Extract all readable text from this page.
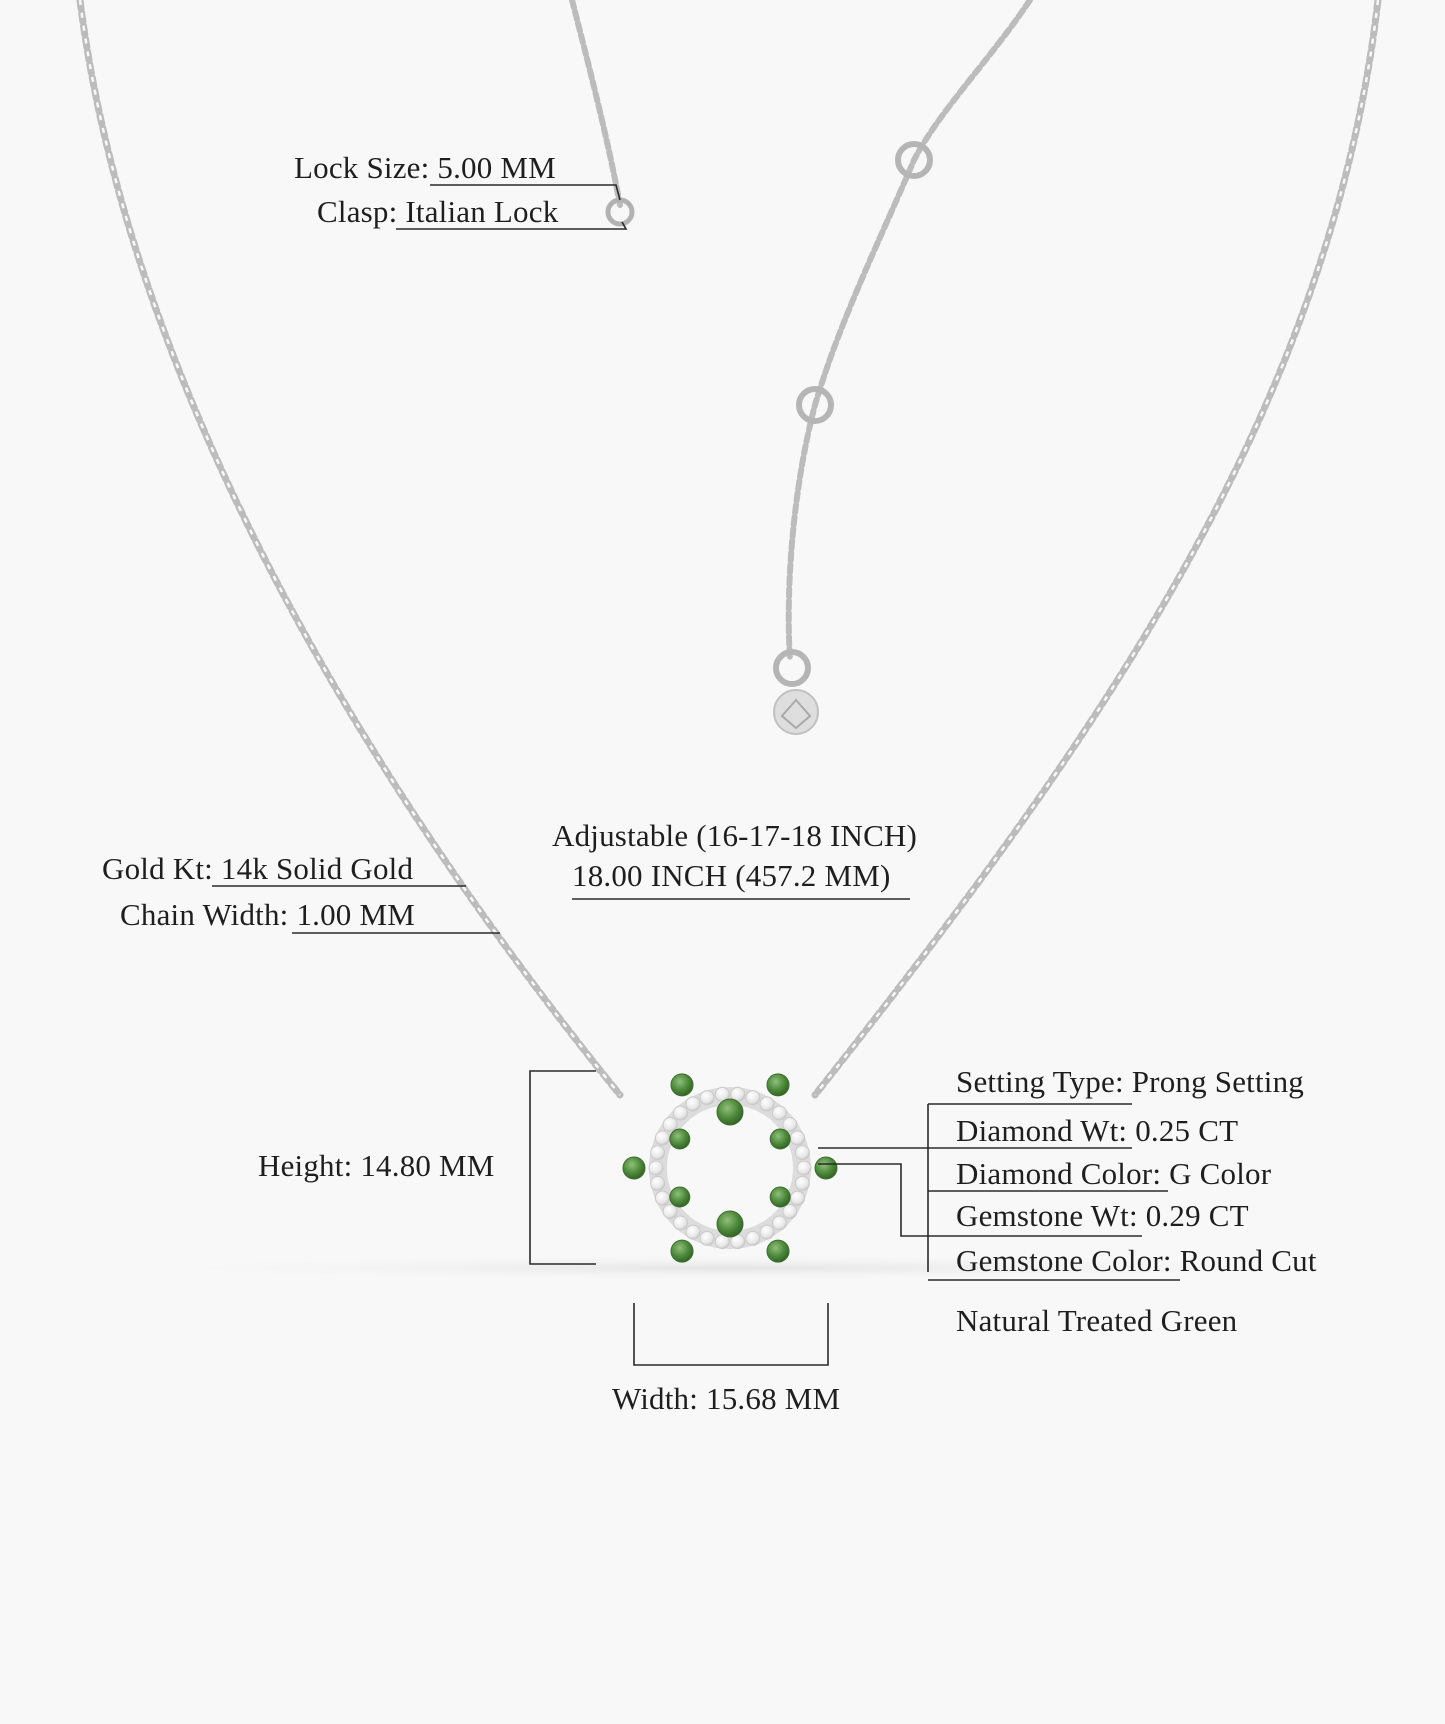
Lock Size: 5.00 MM
Clasp: Italian Lock
Adjustable (16-17-18 INCH)
18.00 INCH (457.2 MM)
Gold Kt: 14k Solid Gold
Chain Width: 1.00 MM
Height: 14.80 MM
Width: 15.68 MM
Setting Type: Prong Setting
Diamond Wt: 0.25 CT
Diamond Color: G Color
Gemstone Wt: 0.29 CT
Gemstone Color: Round Cut
Natural Treated Green
